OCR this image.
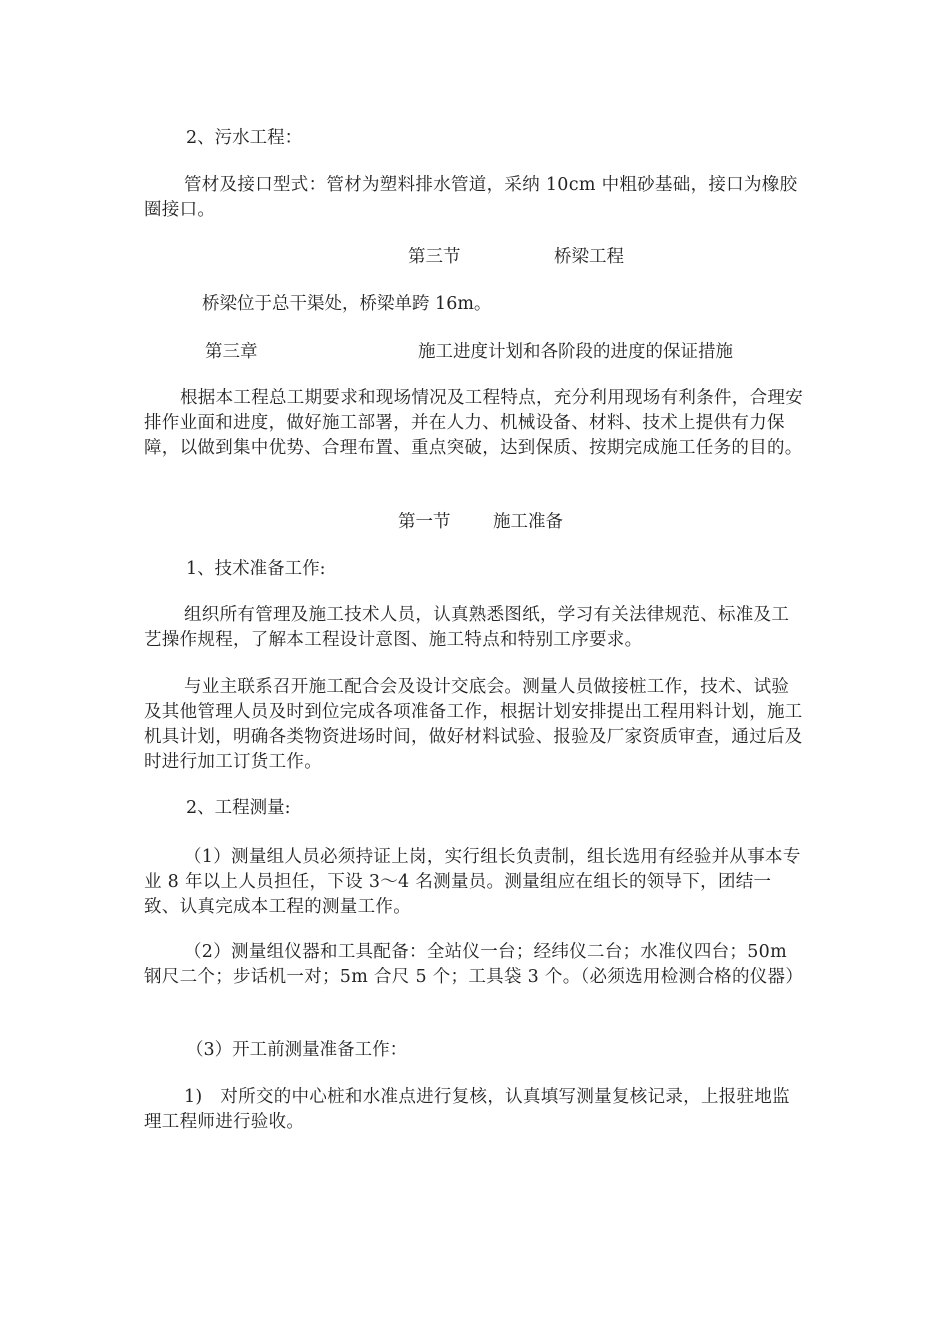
2、污水工程：
管材及接口型式：管材为塑料排水管道，采纳 10cm 中粗砂基础，接口为橡胶圈接口。
第三节	桥梁工程
桥梁位于总干渠处，桥梁单跨 16m。
第三章	施工进度计划和各阶段的进度的保证措施
根据本工程总工期要求和现场情况及工程特点，充分利用现场有利条件，合理安排作业面和进度，做好施工部署，并在人力、机械设备、材料、技术上提供有力保障，以做到集中优势、合理布置、重点突破，达到保质、按期完成施工任务的目的。
第一节 施工准备
1、技术准备工作:
组织所有管理及施工技术人员，认真熟悉图纸，学习有关法律规范、标准及工艺操作规程，了解本工程设计意图、施工特点和特别工序要求。
与业主联系召开施工配合会及设计交底会。测量人员做接桩工作，技术、试验及其他管理人员及时到位完成各项准备工作，根据计划安排提出工程用料计划，施工机具计划，明确各类物资进场时间，做好材料试验、报验及厂家资质审查，通过后及时进行加工订货工作。
2、工程测量:
（1）测量组人员必须持证上岗，实行组长负责制，组长选用有经验并从事本专业 8 年以上人员担任，下设 3～4 名测量员。测量组应在组长的领导下，团结一致、认真完成本工程的测量工作。
（2）测量组仪器和工具配备：全站仪一台；经纬仪二台；水准仪四台；50m 钢尺二个；步话机一对；5m 合尺 5 个；工具袋 3 个。（必须选用检测合格的仪器）
（3）开工前测量准备工作：
1)　对所交的中心桩和水准点进行复核，认真填写测量复核记录，上报驻地监理工程师进行验收。
